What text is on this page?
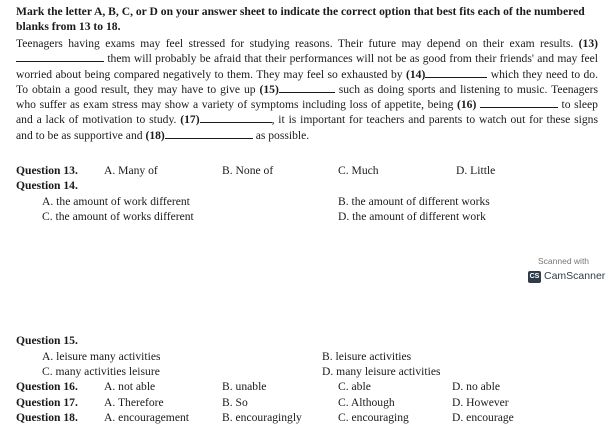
Mark the letter A, B, C, or D on your answer sheet to indicate the correct option that best fits each of the numbered blanks from 13 to 18.
Teenagers having exams may feel stressed for studying reasons. Their future may depend on their exam results. (13) them will probably be afraid that their performances will not be as good from their friends' and may feel worried about being compared negatively to them. They may feel so exhausted by (14)	which they need to do. To obtain a good result, they may have to give up (15)	such as doing sports and listening to music. Teenagers who suffer as exam stress may show a variety of symptoms including loss of appetite, being (16)	to sleep and a lack of motivation to study. (17)	, it is important for teachers and parents to watch out for these signs and to be as supportive and (18)	as possible.
Question 13. A. Many of	B. None of	C. Much	D. Little
Question 14.
A. the amount of work different	B. the amount of different works
C. the amount of works different	D. the amount of different work
Scanned with
CS CamScanner
Question 15.
A. leisure many activities	B. leisure activities
C. many activities leisure	D. many leisure activities
Question 16. A. not able	B. unable	C. able	D. no able
Question 17. A. Therefore	B. So	C. Although	D. However
Question 18. A. encouragement	B. encouragingly	C. encouraging	D. encourage
